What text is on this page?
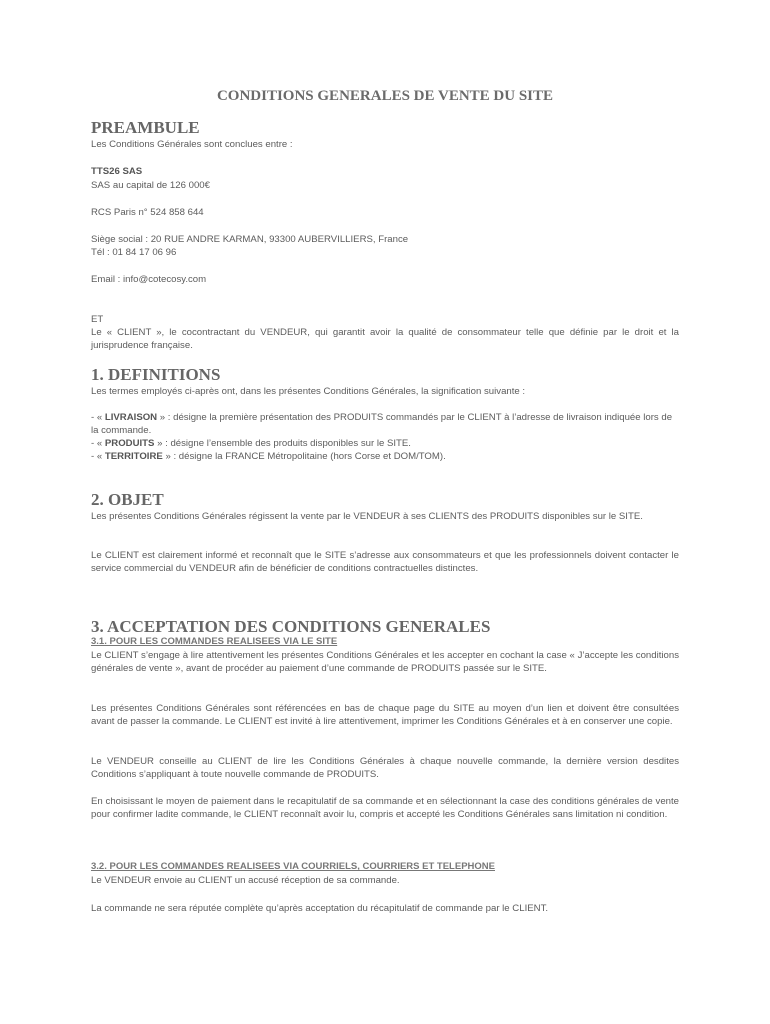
CONDITIONS GENERALES DE VENTE DU SITE
PREAMBULE
Les Conditions Générales sont conclues entre :
TTS26 SAS
SAS au capital de 126 000€
RCS Paris n° 524 858 644
Siège social : 20 RUE ANDRE KARMAN, 93300 AUBERVILLIERS, France
Tél : 01 84 17 06 96
Email : info@cotecosy.com
ET
Le « CLIENT », le cocontractant du VENDEUR, qui garantit avoir la qualité de consommateur telle que définie par le droit et la jurisprudence française.
1. DEFINITIONS
Les termes employés ci-après ont, dans les présentes Conditions Générales, la signification suivante :
- « LIVRAISON » : désigne la première présentation des PRODUITS commandés par le CLIENT à l’adresse de livraison indiquée lors de la commande.
- « PRODUITS » : désigne l’ensemble des produits disponibles sur le SITE.
- « TERRITOIRE » : désigne la FRANCE Métropolitaine (hors Corse et DOM/TOM).
2. OBJET
Les présentes Conditions Générales régissent la vente par le VENDEUR à ses CLIENTS des PRODUITS disponibles sur le SITE.
Le CLIENT est clairement informé et reconnaît que le SITE s’adresse aux consommateurs et que les professionnels doivent contacter le service commercial du VENDEUR afin de bénéficier de conditions contractuelles distinctes.
3. ACCEPTATION DES CONDITIONS GENERALES
3.1. POUR LES COMMANDES REALISEES VIA LE SITE
Le CLIENT s’engage à lire attentivement les présentes Conditions Générales et les accepter en cochant la case « J’accepte les conditions générales de vente », avant de procéder au paiement d’une commande de PRODUITS passée sur le SITE.
Les présentes Conditions Générales sont référencées en bas de chaque page du SITE au moyen d’un lien et doivent être consultées avant de passer la commande. Le CLIENT est invité à lire attentivement, imprimer les Conditions Générales et à en conserver une copie.
Le VENDEUR conseille au CLIENT de lire les Conditions Générales à chaque nouvelle commande, la dernière version desdites Conditions s’appliquant à toute nouvelle commande de PRODUITS.
En choisissant le moyen de paiement dans le recapitulatif de sa commande et en sélectionnant la case des conditions générales de vente pour confirmer ladite commande, le CLIENT reconnaît avoir lu, compris et accepté les Conditions Générales sans limitation ni condition.
3.2. POUR LES COMMANDES REALISEES VIA COURRIELS, COURRIERS ET TELEPHONE
Le VENDEUR envoie au CLIENT un accusé réception de sa commande.
La commande ne sera réputée complète qu’après acceptation du récapitulatif de commande par le CLIENT.
